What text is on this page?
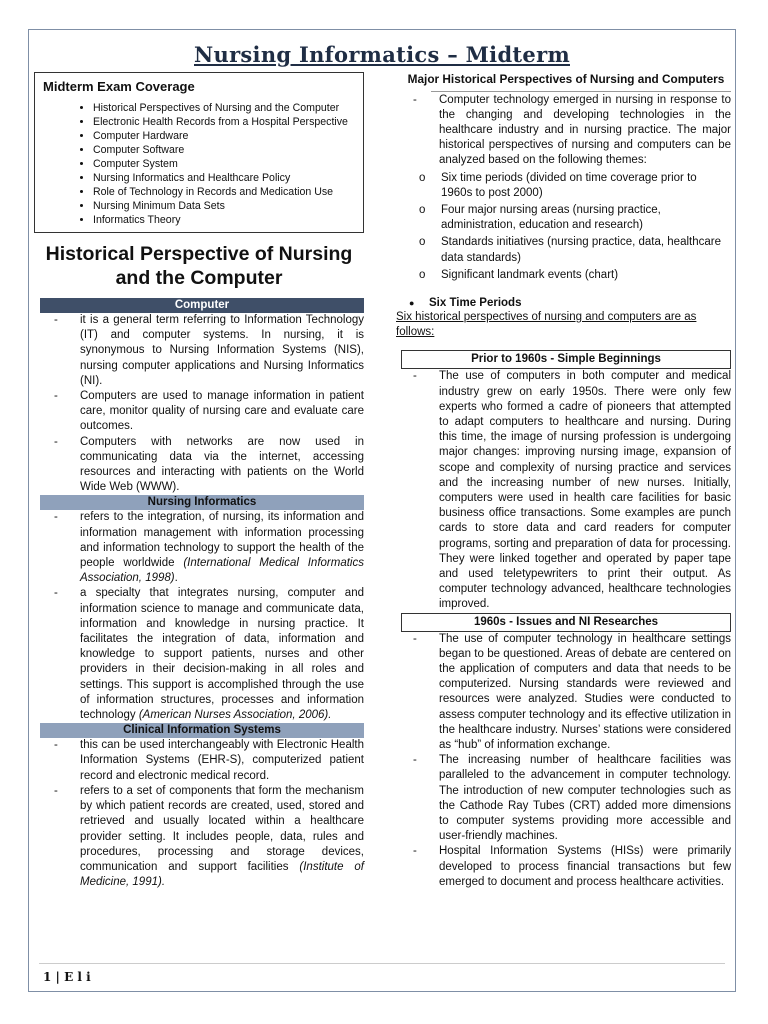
Nursing Informatics – Midterm
Midterm Exam Coverage
• Historical Perspectives of Nursing and the Computer
• Electronic Health Records from a Hospital Perspective
• Computer Hardware
• Computer Software
• Computer System
• Nursing Informatics and Healthcare Policy
• Role of Technology in Records and Medication Use
• Nursing Minimum Data Sets
• Informatics Theory
Historical Perspective of Nursing and the Computer
Computer
- it is a general term referring to Information Technology (IT) and computer systems. In nursing, it is synonymous to Nursing Information Systems (NIS), nursing computer applications and Nursing Informatics (NI).
- Computers are used to manage information in patient care, monitor quality of nursing care and evaluate care outcomes.
- Computers with networks are now used in communicating data via the internet, accessing resources and interacting with patients on the World Wide Web (WWW).
Nursing Informatics
- refers to the integration, of nursing, its information and information management with information processing and information technology to support the health of the people worldwide (International Medical Informatics Association, 1998).
- a specialty that integrates nursing, computer and information science to manage and communicate data, information and knowledge in nursing practice. It facilitates the integration of data, information and knowledge to support patients, nurses and other providers in their decision-making in all roles and settings. This support is accomplished through the use of information structures, processes and information technology (American Nurses Association, 2006).
Clinical Information Systems
- this can be used interchangeably with Electronic Health Information Systems (EHR-S), computerized patient record and electronic medical record.
- refers to a set of components that form the mechanism by which patient records are created, used, stored and retrieved and usually located within a healthcare provider setting. It includes people, data, rules and procedures, processing and storage devices, communication and support facilities (Institute of Medicine, 1991).
Major Historical Perspectives of Nursing and Computers
- Computer technology emerged in nursing in response to the changing and developing technologies in the healthcare industry and in nursing practice. The major historical perspectives of nursing and computers can be analyzed based on the following themes:
o Six time periods (divided on time coverage prior to 1960s to post 2000)
o Four major nursing areas (nursing practice, administration, education and research)
o Standards initiatives (nursing practice, data, healthcare data standards)
o Significant landmark events (chart)
● Six Time Periods
Six historical perspectives of nursing and computers are as follows:
Prior to 1960s - Simple Beginnings
- The use of computers in both computer and medical industry grew on early 1950s. There were only few experts who formed a cadre of pioneers that attempted to adapt computers to healthcare and nursing. During this time, the image of nursing profession is undergoing major changes: improving nursing image, expansion of scope and complexity of nursing practice and services and the increasing number of new nurses. Initially, computers were used in health care facilities for basic business office transactions. Some examples are punch cards to store data and card readers for computer programs, sorting and preparation of data for processing. They were linked together and operated by paper tape and used teletypewriters to print their output. As computer technology advanced, healthcare technologies improved.
1960s - Issues and NI Researches
- The use of computer technology in healthcare settings began to be questioned. Areas of debate are centered on the application of computers and data that needs to be computerized. Nursing standards were reviewed and resources were analyzed. Studies were conducted to assess computer technology and its effective utilization in the healthcare industry. Nurses’ stations were considered as “hub” of information exchange.
- The increasing number of healthcare facilities was paralleled to the advancement in computer technology. The introduction of new computer technologies such as the Cathode Ray Tubes (CRT) added more dimensions to computer systems providing more accessible and user-friendly machines.
- Hospital Information Systems (HISs) were primarily developed to process financial transactions but few emerged to document and process healthcare activities.
1 | E l i
